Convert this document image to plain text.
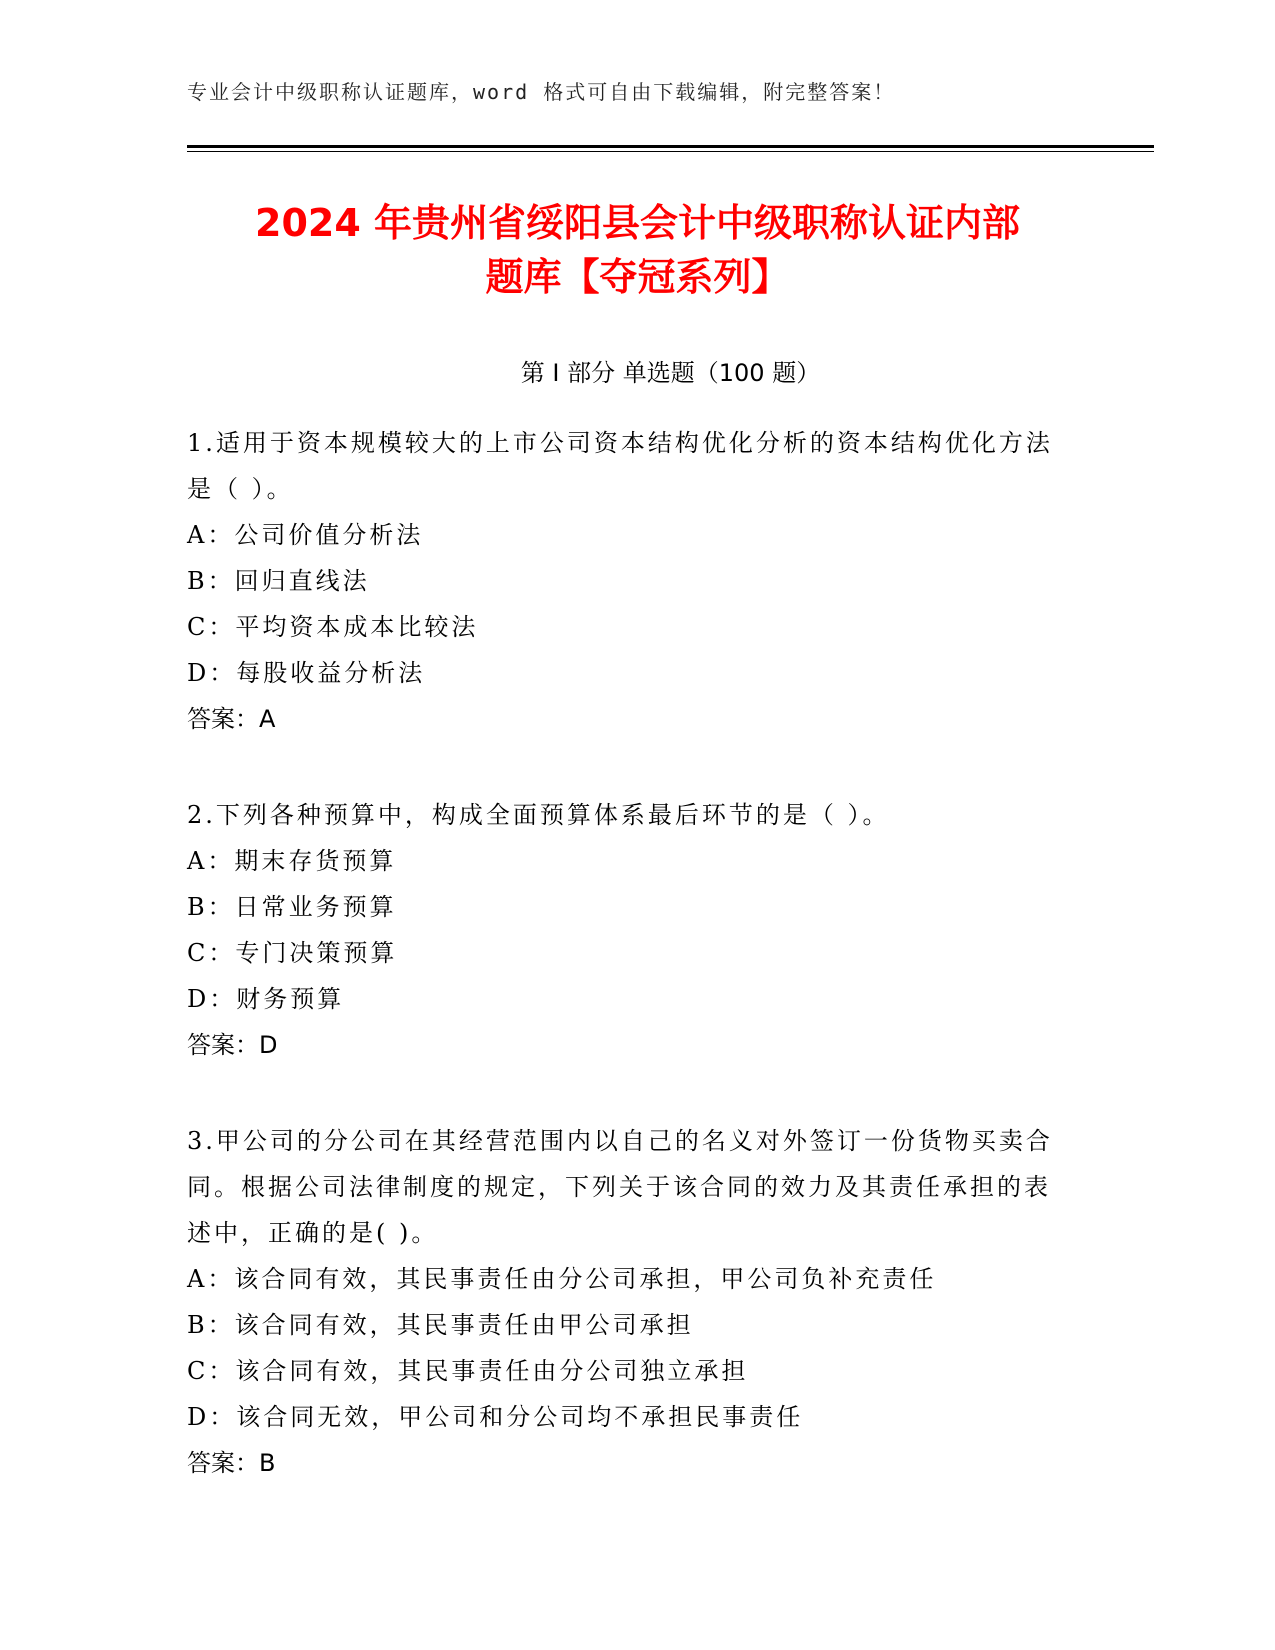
专业会计中级职称认证题库，word 格式可自由下载编辑，附完整答案！
2024 年贵州省绥阳县会计中级职称认证内部
题库【夺冠系列】
第 I 部分 单选题（100 题）

1.适用于资本规模较大的上市公司资本结构优化分析的资本结构优化方法是（ ）。

A：公司价值分析法

B：回归直线法

C：平均资本成本比较法

D：每股收益分析法

答案：A

2.下列各种预算中，构成全面预算体系最后环节的是（ ）。

A：期末存货预算

B：日常业务预算

C：专门决策预算

D：财务预算

答案：D

3.甲公司的分公司在其经营范围内以自己的名义对外签订一份货物买卖合同。根据公司法律制度的规定，下列关于该合同的效力及其责任承担的表述中，正确的是( )。

A：该合同有效，其民事责任由分公司承担，甲公司负补充责任

B：该合同有效，其民事责任由甲公司承担

C：该合同有效，其民事责任由分公司独立承担

D：该合同无效，甲公司和分公司均不承担民事责任

答案：B
